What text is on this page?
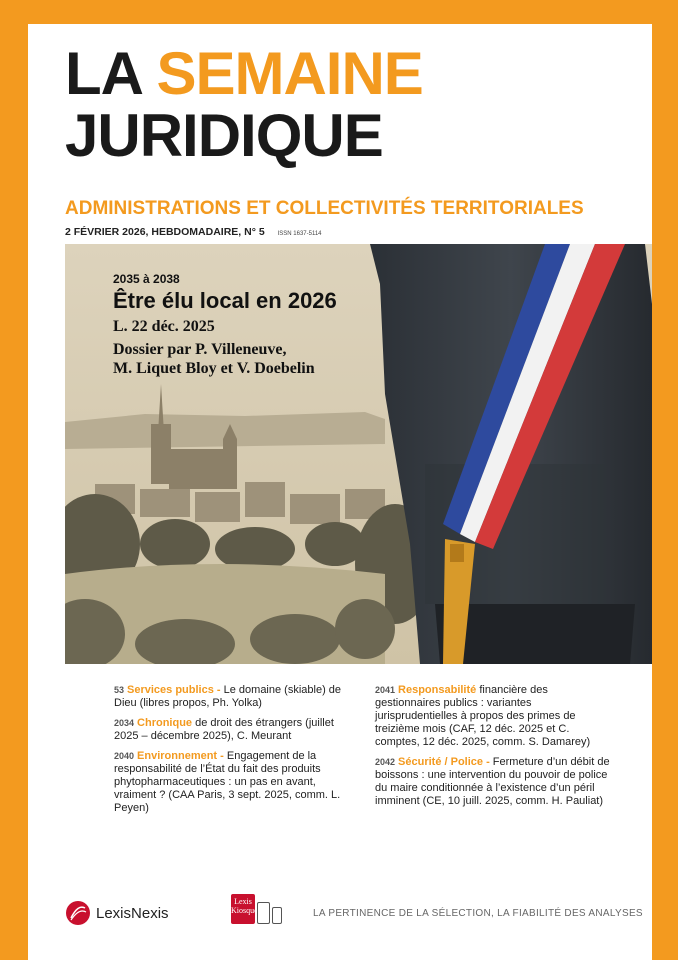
LA SEMAINE
JURIDIQUE
ADMINISTRATIONS ET COLLECTIVITÉS TERRITORIALES
2 FÉVRIER 2026, HEBDOMADAIRE, N° 5 ISSN 1637-5114
2035 à 2038
Être élu local en 2026
L. 22 déc. 2025
Dossier par P. Villeneuve,
M. Liquet Bloy et V. Doebelin
53 Services publics - Le domaine (skiable) de Dieu (libres propos, Ph. Yolka)
2034 Chronique de droit des étrangers (juillet 2025 – décembre 2025), C. Meurant
2040 Environnement - Engagement de la responsabilité de l’État du fait des produits phytopharmaceutiques : un pas en avant, vraiment ? (CAA Paris, 3 sept. 2025, comm. L. Peyen)
2041 Responsabilité financière des gestionnaires publics : variantes jurisprudentielles à propos des primes de treizième mois (CAF, 12 déc. 2025 et C. comptes, 12 déc. 2025, comm. S. Damarey)
2042 Sécurité / Police - Fermeture d’un débit de boissons : une intervention du pouvoir de police du maire conditionnée à l’existence d’un péril imminent (CE, 10 juill. 2025, comm. H. Pauliat)
LexisNexis
Lexis
Kiosque	LA PERTINENCE DE LA SÉLECTION, LA FIABILITÉ DES ANALYSES
